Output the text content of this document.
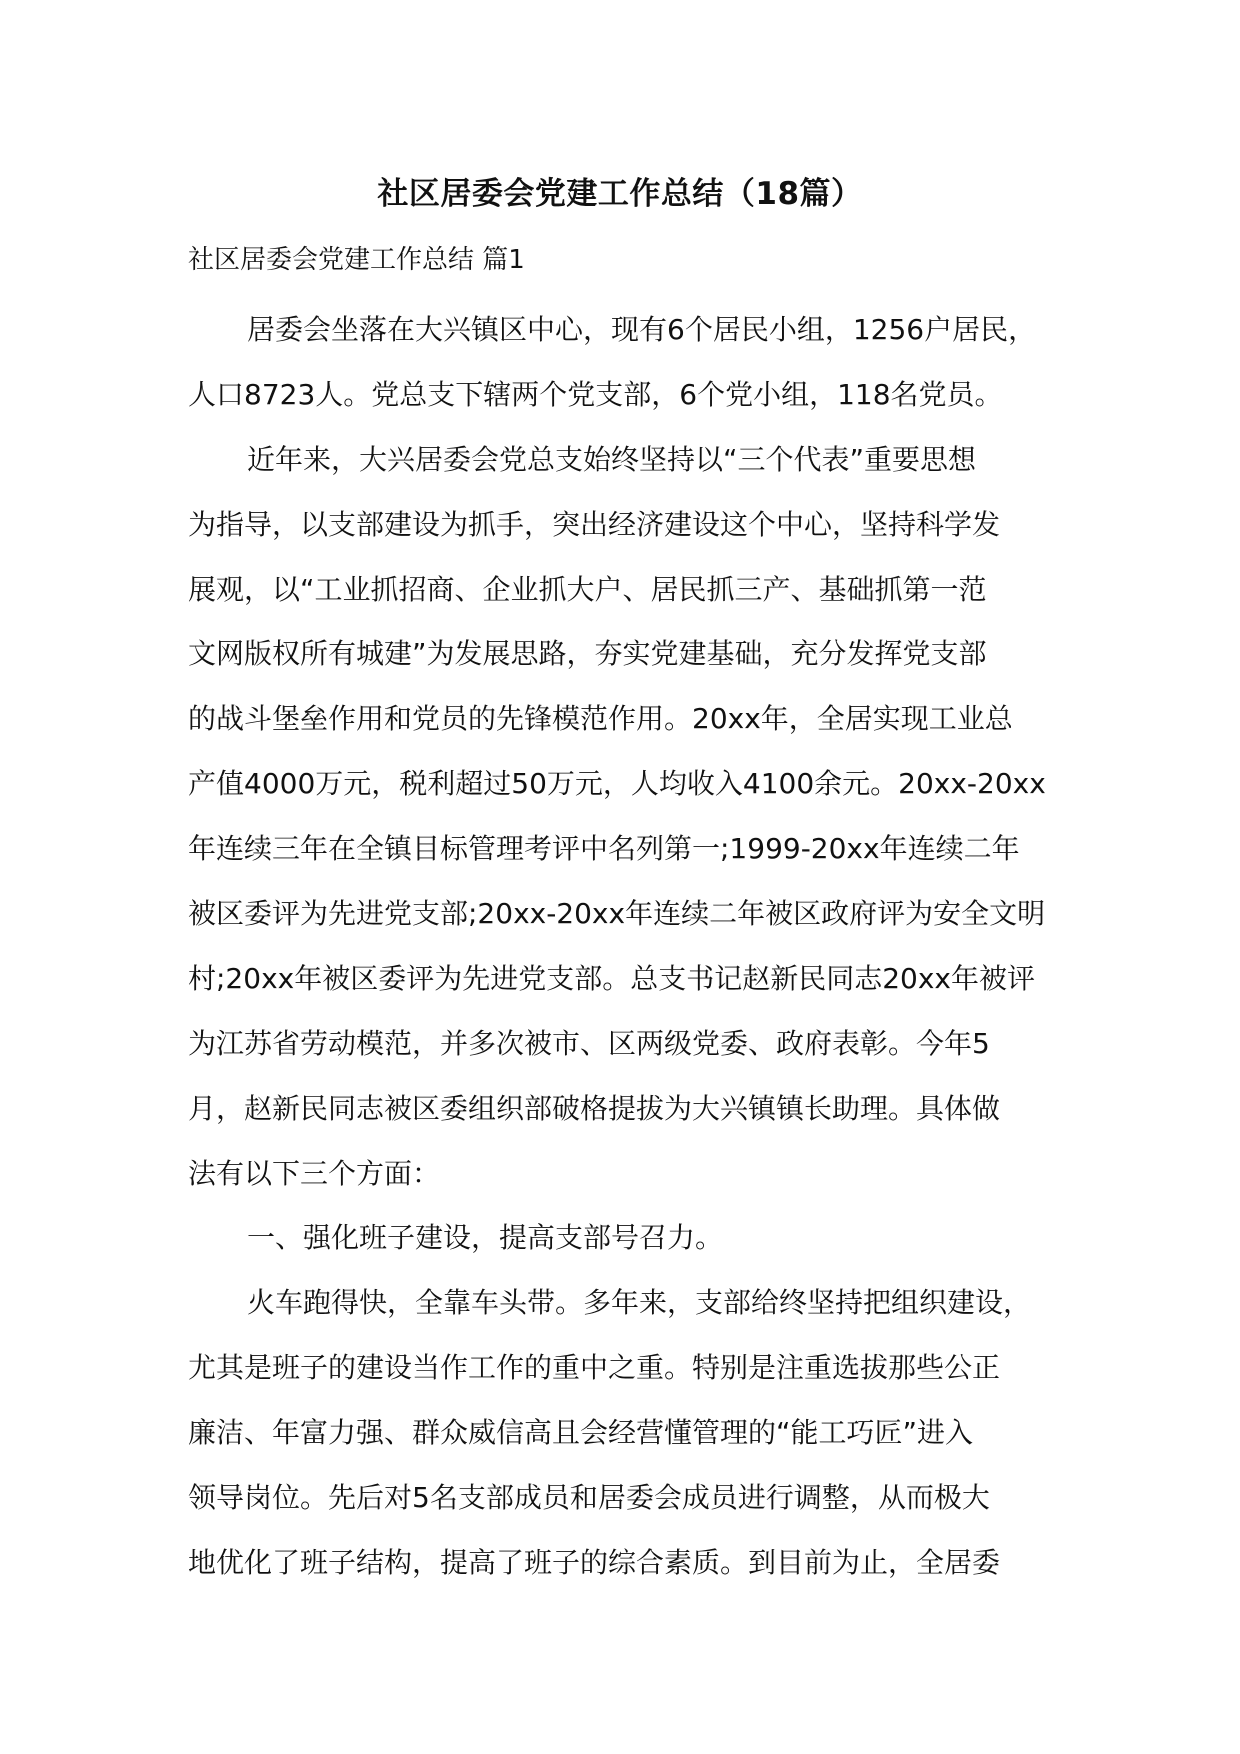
社区居委会党建工作总结（18篇）
社区居委会党建工作总结 篇1
居委会坐落在大兴镇区中心，现有6个居民小组，1256户居民，
人口8723人。党总支下辖两个党支部，6个党小组，118名党员。
近年来，大兴居委会党总支始终坚持以“三个代表”重要思想
为指导，以支部建设为抓手，突出经济建设这个中心，坚持科学发
展观，以“工业抓招商、企业抓大户、居民抓三产、基础抓第一范
文网版权所有城建”为发展思路，夯实党建基础，充分发挥党支部
的战斗堡垒作用和党员的先锋模范作用。20xx年，全居实现工业总
产值4000万元，税利超过50万元，人均收入4100余元。20xx-20xx
年连续三年在全镇目标管理考评中名列第一;1999-20xx年连续二年
被区委评为先进党支部;20xx-20xx年连续二年被区政府评为安全文明
村;20xx年被区委评为先进党支部。总支书记赵新民同志20xx年被评
为江苏省劳动模范，并多次被市、区两级党委、政府表彰。今年5
月，赵新民同志被区委组织部破格提拔为大兴镇镇长助理。具体做
法有以下三个方面：
一、强化班子建设，提高支部号召力。
火车跑得快，全靠车头带。多年来，支部给终坚持把组织建设，
尤其是班子的建设当作工作的重中之重。特别是注重选拔那些公正
廉洁、年富力强、群众威信高且会经营懂管理的“能工巧匠”进入
领导岗位。先后对5名支部成员和居委会成员进行调整，从而极大
地优化了班子结构，提高了班子的综合素质。到目前为止，全居委
